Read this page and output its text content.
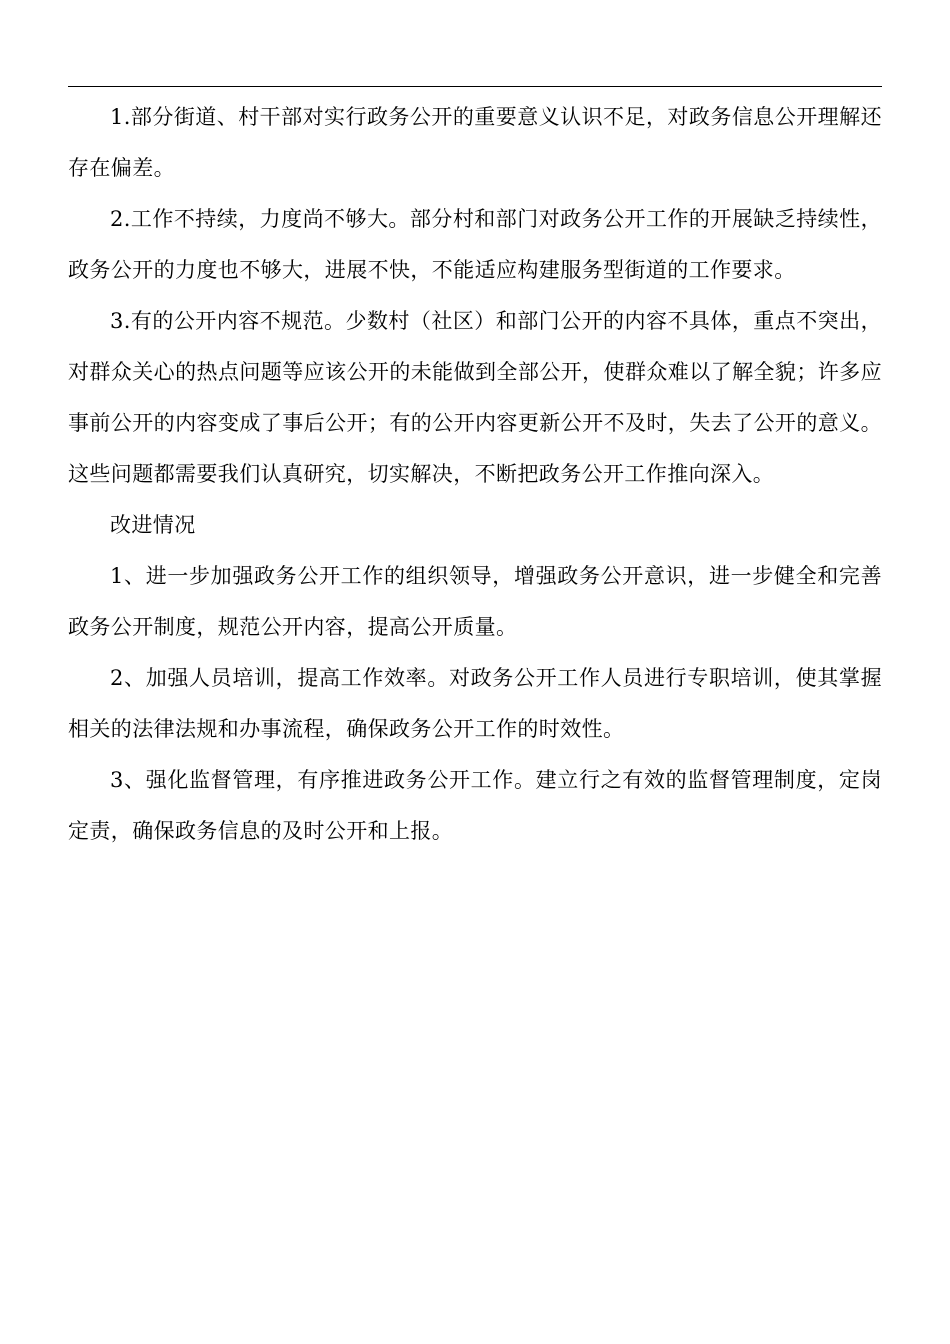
1.部分街道、村干部对实行政务公开的重要意义认识不足，对政务信息公开理解还存在偏差。

2.工作不持续，力度尚不够大。部分村和部门对政务公开工作的开展缺乏持续性，政务公开的力度也不够大，进展不快，不能适应构建服务型街道的工作要求。

3.有的公开内容不规范。少数村（社区）和部门公开的内容不具体，重点不突出，对群众关心的热点问题等应该公开的未能做到全部公开，使群众难以了解全貌；许多应事前公开的内容变成了事后公开；有的公开内容更新公开不及时，失去了公开的意义。这些问题都需要我们认真研究，切实解决，不断把政务公开工作推向深入。

改进情况

1、进一步加强政务公开工作的组织领导，增强政务公开意识，进一步健全和完善政务公开制度，规范公开内容，提高公开质量。

2、加强人员培训，提高工作效率。对政务公开工作人员进行专职培训，使其掌握相关的法律法规和办事流程，确保政务公开工作的时效性。

3、强化监督管理，有序推进政务公开工作。建立行之有效的监督管理制度，定岗定责，确保政务信息的及时公开和上报。
